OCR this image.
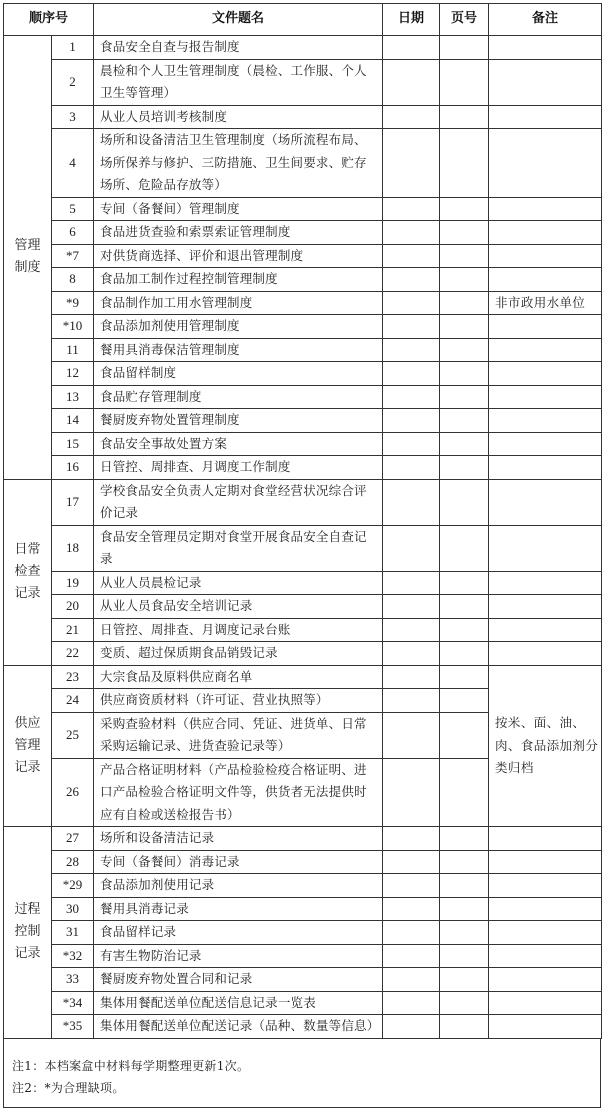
顺序号		文件题名	日期	页号	备注

管理
制度	1	食品安全自查与报告制度			
	2	晨检和个人卫生管理制度（晨检、工作服、个人卫生等管理）			
	3	从业人员培训考核制度			
	4	场所和设备清洁卫生管理制度（场所流程布局、场所保养与修护、三防措施、卫生间要求、贮存场所、危险品存放等）			
	5	专间（备餐间）管理制度			
	6	食品进货查验和索票索证管理制度			
	*7	对供货商选择、评价和退出管理制度			
	8	食品加工制作过程控制管理制度			
	*9	食品制作加工用水管理制度			非市政用水单位
	*10	食品添加剂使用管理制度			
	11	餐用具消毒保洁管理制度			
	12	食品留样制度			
	13	食品贮存管理制度			
	14	餐厨废弃物处置管理制度			
	15	食品安全事故处置方案			
	16	日管控、周排查、月调度工作制度			

日常
检查
记录	17	学校食品安全负责人定期对食堂经营状况综合评价记录			
	18	食品安全管理员定期对食堂开展食品安全自查记录			
	19	从业人员晨检记录			
	20	从业人员食品安全培训记录			
	21	日管控、周排查、月调度记录台账			
	22	变质、超过保质期食品销毁记录			

供应
管理
记录	23	大宗食品及原料供应商名单			按米、面、油、肉、食品添加剂分类归档
	24	供应商资质材料（许可证、营业执照等）			
	25	采购查验材料（供应合同、凭证、进货单、日常采购运输记录、进货查验记录等）			
	26	产品合格证明材料（产品检验检疫合格证明、进口产品检验合格证明文件等，供货者无法提供时应有自检或送检报告书）			

过程
控制
记录	27	场所和设备清洁记录			
	28	专间（备餐间）消毒记录			
	*29	食品添加剂使用记录			
	30	餐用具消毒记录			
	31	食品留样记录			
	*32	有害生物防治记录			
	33	餐厨废弃物处置合同和记录			
	*34	集体用餐配送单位配送信息记录一览表			
	*35	集体用餐配送单位配送记录（品种、数量等信息）			
注1：本档案盒中材料每学期整理更新1次。
注2：*为合理缺项。
